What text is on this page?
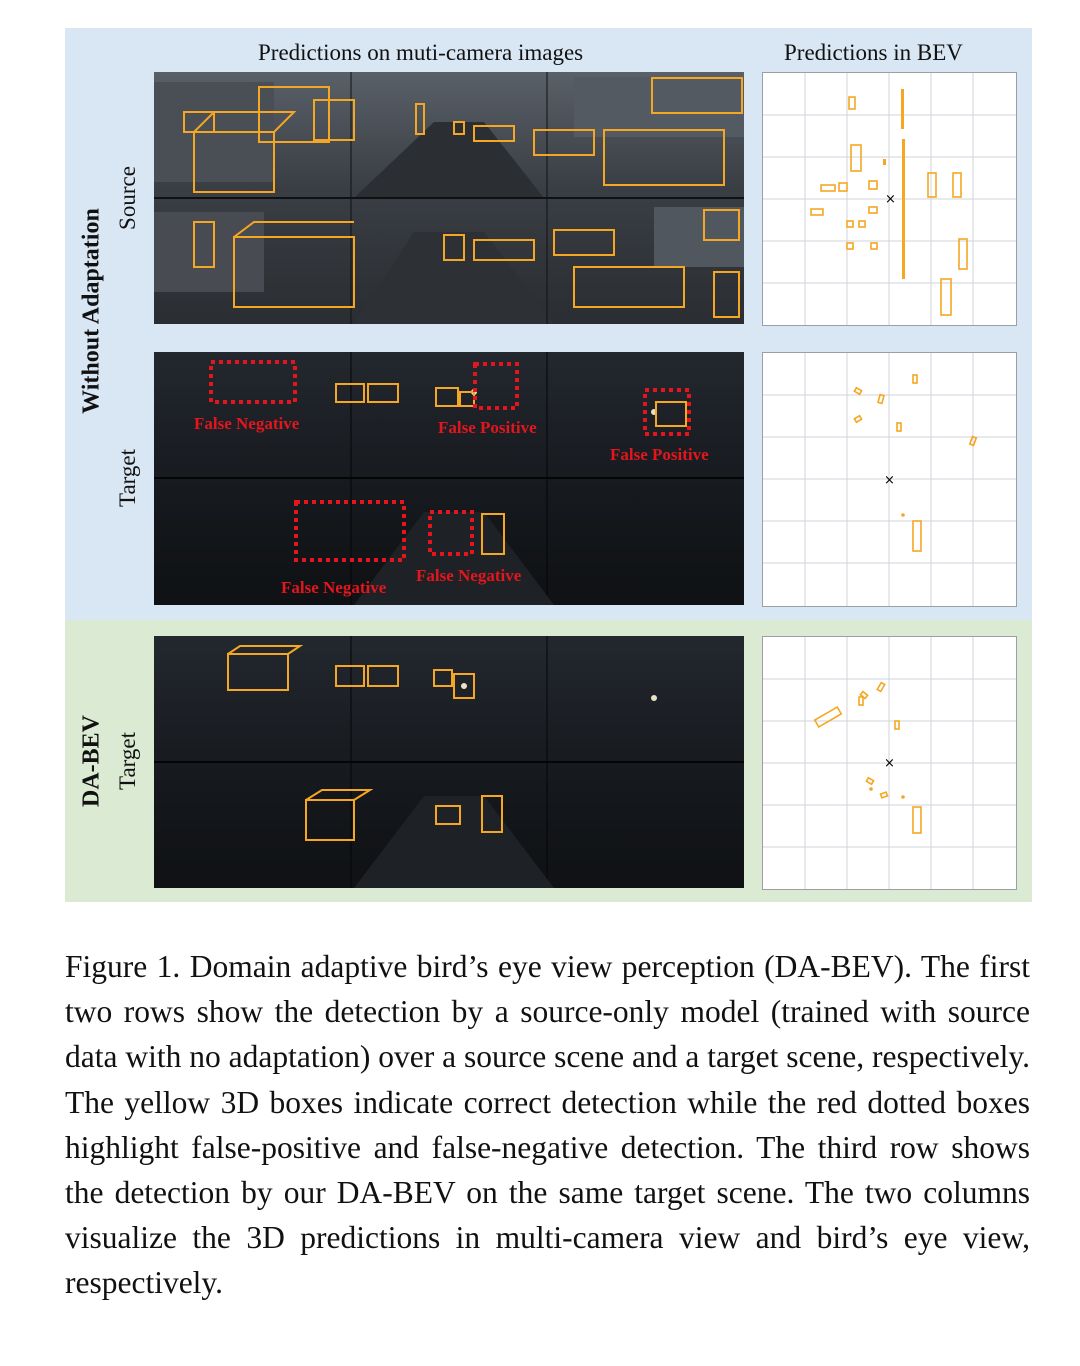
Predictions on muti-camera images	Predictions in BEV
Without Adaptation
Source
Target
DA-BEV Target
×
False Negative	False Positive
False Positive
False Negative
False Negative
×
×

Figure 1. Domain adaptive bird’s eye view perception (DA-BEV). The first two rows show the detection by a source-only model (trained with source data with no adaptation) over a source scene and a target scene, respectively. The yellow 3D boxes indicate correct detection while the red dotted boxes highlight false-positive and false-negative detection. The third row shows the detection by our DA-BEV on the same target scene. The two columns visualize the 3D predictions in multi-camera view and bird’s eye view, respectively.
